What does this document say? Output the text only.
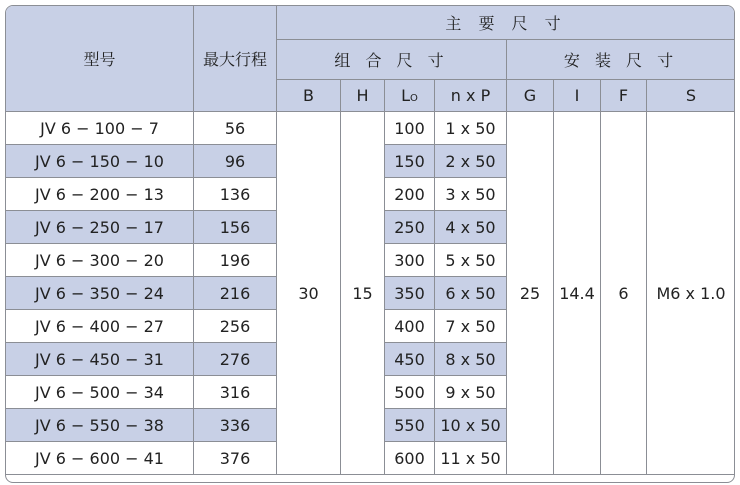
型号	最大行程	主 要 尺 寸							
		组 合 尺 寸				安 装 尺 寸			
		B	H	LO	n x P	G	I	F	S
JV 6 − 100 − 7	56	30	15	100	1 x 50	25	14.4	6	M6 x 1.0
JV 6 − 150 − 10	96			150	2 x 50				
JV 6 − 200 − 13	136			200	3 x 50				
JV 6 − 250 − 17	156			250	4 x 50				
JV 6 − 300 − 20	196			300	5 x 50				
JV 6 − 350 − 24	216			350	6 x 50				
JV 6 − 400 − 27	256			400	7 x 50				
JV 6 − 450 − 31	276			450	8 x 50				
JV 6 − 500 − 34	316			500	9 x 50				
JV 6 − 550 − 38	336			550	10 x 50				
JV 6 − 600 − 41	376			600	11 x 50				
